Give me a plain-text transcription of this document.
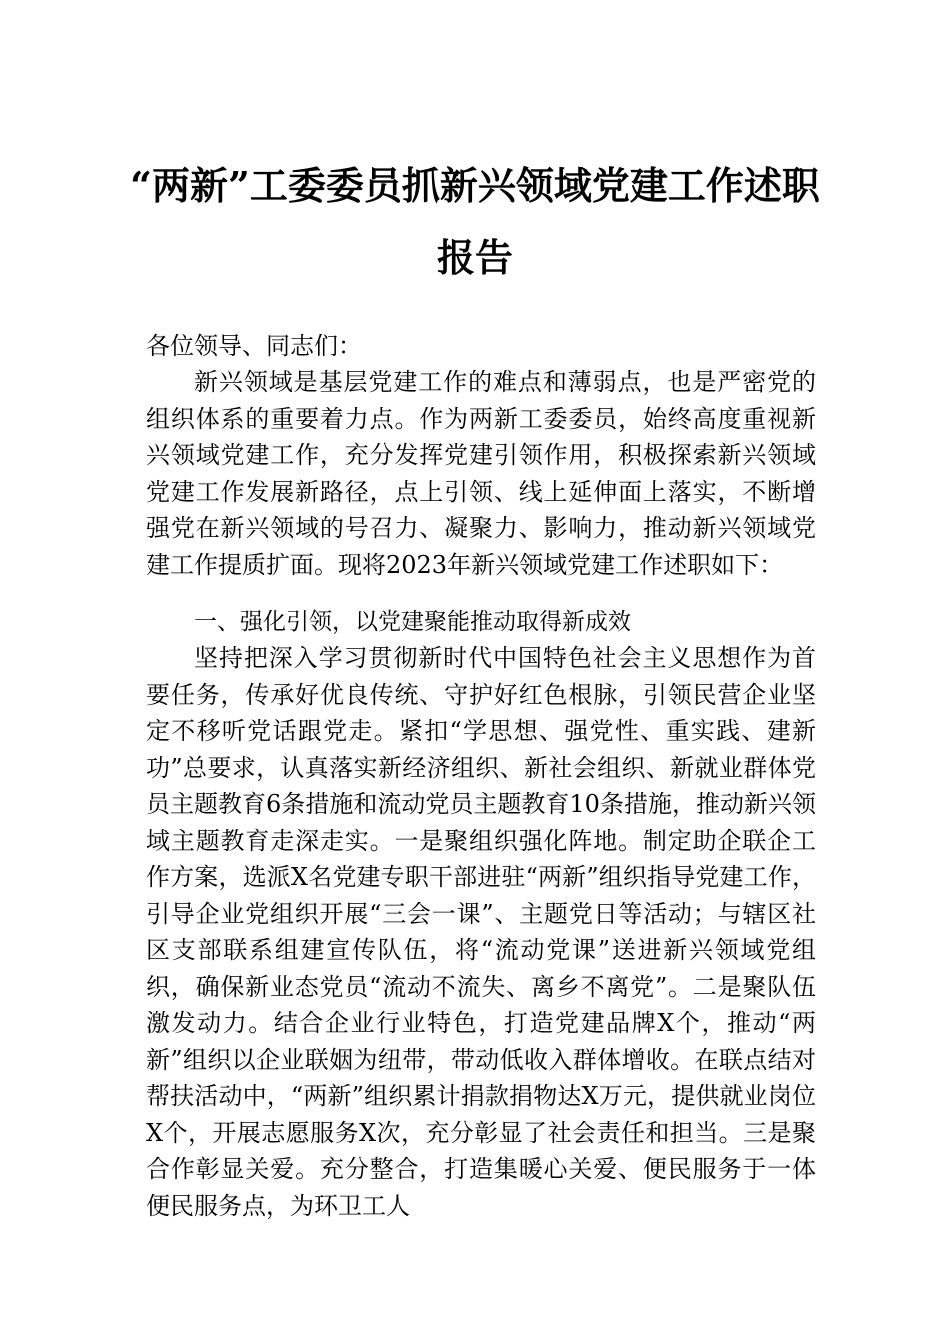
“两新”工委委员抓新兴领域党建工作述职
报告
各位领导、同志们：
新兴领域是基层党建工作的难点和薄弱点，也是严密党的组织体系的重要着力点。作为两新工委委员，始终高度重视新兴领域党建工作，充分发挥党建引领作用，积极探索新兴领域党建工作发展新路径，点上引领、线上延伸面上落实，不断增强党在新兴领域的号召力、凝聚力、影响力，推动新兴领域党建工作提质扩面。现将2023年新兴领域党建工作述职如下：
一、强化引领，以党建聚能推动取得新成效
坚持把深入学习贯彻新时代中国特色社会主义思想作为首要任务，传承好优良传统、守护好红色根脉，引领民营企业坚定不移听党话跟党走。紧扣“学思想、强党性、重实践、建新功”总要求，认真落实新经济组织、新社会组织、新就业群体党员主题教育6条措施和流动党员主题教育10条措施，推动新兴领域主题教育走深走实。一是聚组织强化阵地。制定助企联企工作方案，选派X名党建专职干部进驻“两新”组织指导党建工作，引导企业党组织开展“三会一课”、主题党日等活动；与辖区社区支部联系组建宣传队伍，将“流动党课”送进新兴领域党组织，确保新业态党员“流动不流失、离乡不离党”。二是聚队伍激发动力。结合企业行业特色，打造党建品牌X个，推动“两新”组织以企业联姻为纽带，带动低收入群体增收。在联点结对帮扶活动中，“两新”组织累计捐款捐物达X万元，提供就业岗位X个，开展志愿服务X次，充分彰显了社会责任和担当。三是聚合作彰显关爱。充分整合，打造集暖心关爱、便民服务于一体便民服务点，为环卫工人
